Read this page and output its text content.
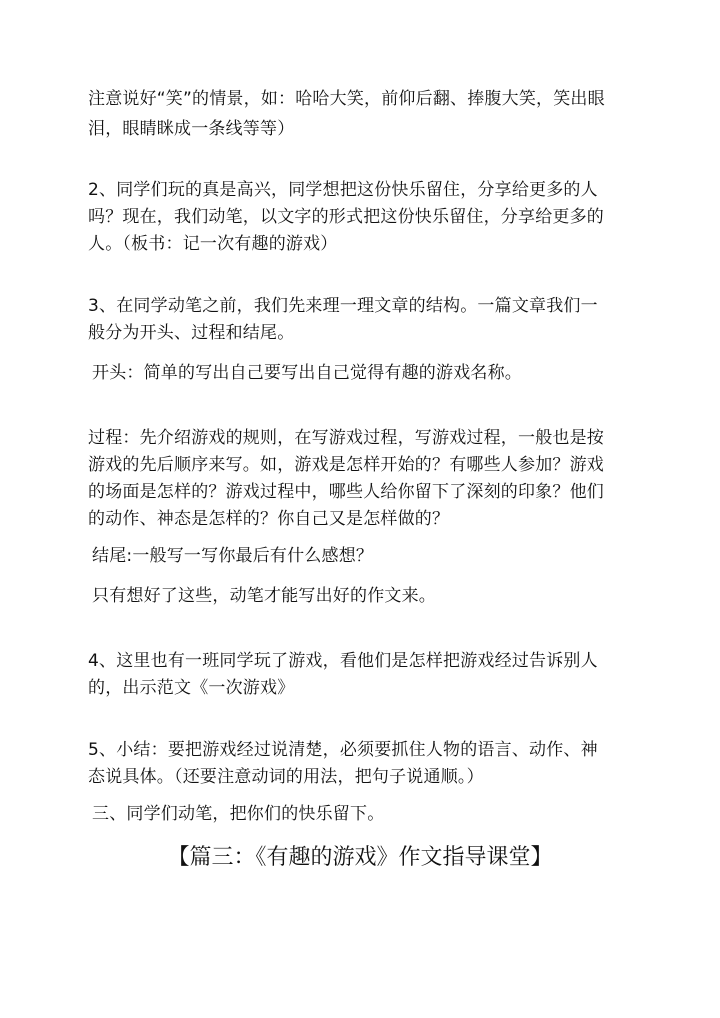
注意说好“笑”的情景，如：哈哈大笑，前仰后翻、捧腹大笑，笑出眼
泪，眼睛眯成一条线等等）
2、同学们玩的真是高兴，同学想把这份快乐留住，分享给更多的人
吗？现在，我们动笔，以文字的形式把这份快乐留住，分享给更多的
人。（板书：记一次有趣的游戏）
3、在同学动笔之前，我们先来理一理文章的结构。一篇文章我们一
般分为开头、过程和结尾。
开头：简单的写出自己要写出自己觉得有趣的游戏名称。
过程：先介绍游戏的规则，在写游戏过程，写游戏过程，一般也是按
游戏的先后顺序来写。如，游戏是怎样开始的？有哪些人参加？游戏
的场面是怎样的？游戏过程中，哪些人给你留下了深刻的印象？他们
的动作、神态是怎样的？你自己又是怎样做的？
结尾:一般写一写你最后有什么感想？
只有想好了这些，动笔才能写出好的作文来。
4、这里也有一班同学玩了游戏，看他们是怎样把游戏经过告诉别人
的，出示范文《一次游戏》
5、小结：要把游戏经过说清楚，必须要抓住人物的语言、动作、神
态说具体。（还要注意动词的用法，把句子说通顺。）
三、同学们动笔，把你们的快乐留下。
【篇三：《有趣的游戏》作文指导课堂】
